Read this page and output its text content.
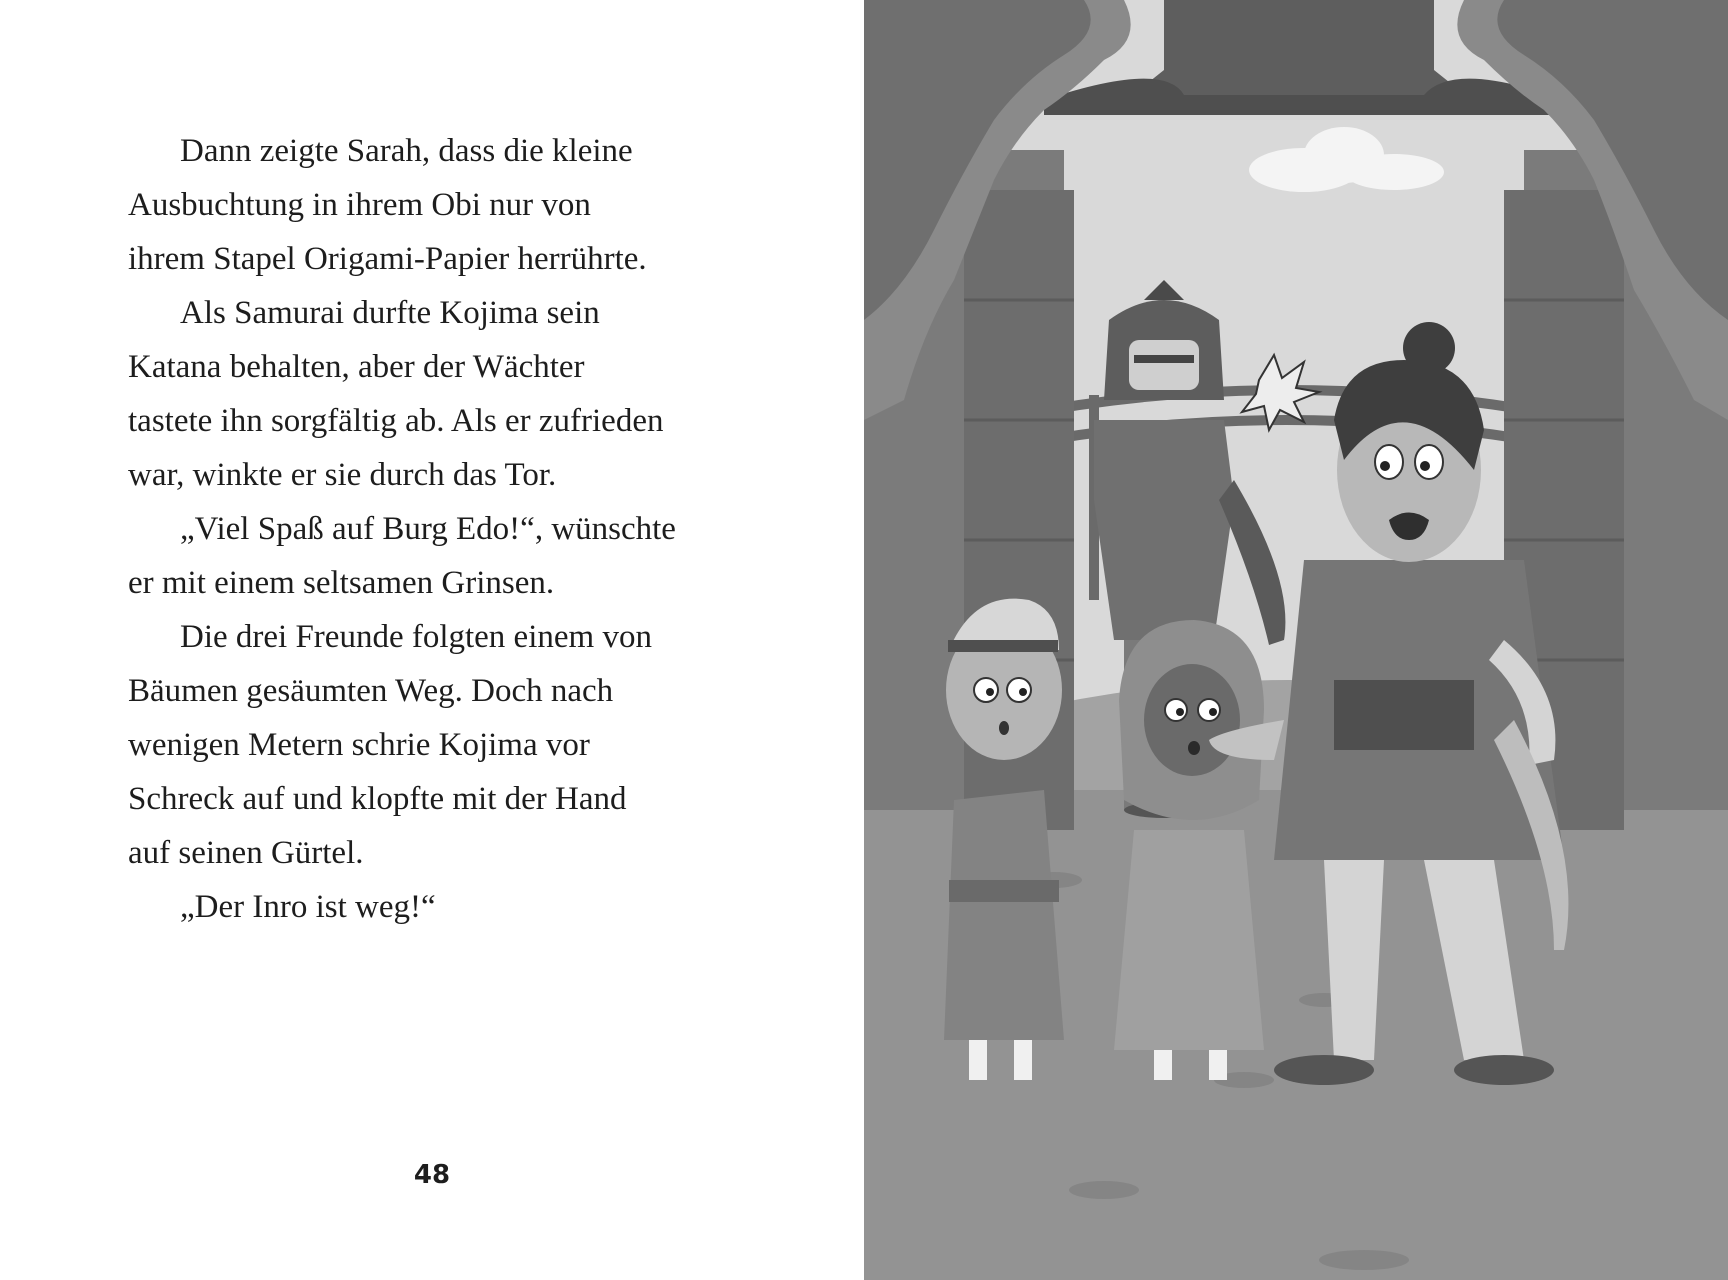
Dann zeigte Sarah, dass die kleine
Ausbuchtung in ihrem Obi nur von
ihrem Stapel Origami-Papier herrührte.
Als Samurai durfte Kojima sein
Katana behalten, aber der Wächter
tastete ihn sorgfältig ab. Als er zufrieden
war, winkte er sie durch das Tor.
„Viel Spaß auf Burg Edo!“, wünschte
er mit einem seltsamen Grinsen.
Die drei Freunde folgten einem von
Bäumen gesäumten Weg. Doch nach
wenigen Metern schrie Kojima vor
Schreck auf und klopfte mit der Hand
auf seinen Gürtel.
„Der Inro ist weg!“
48
